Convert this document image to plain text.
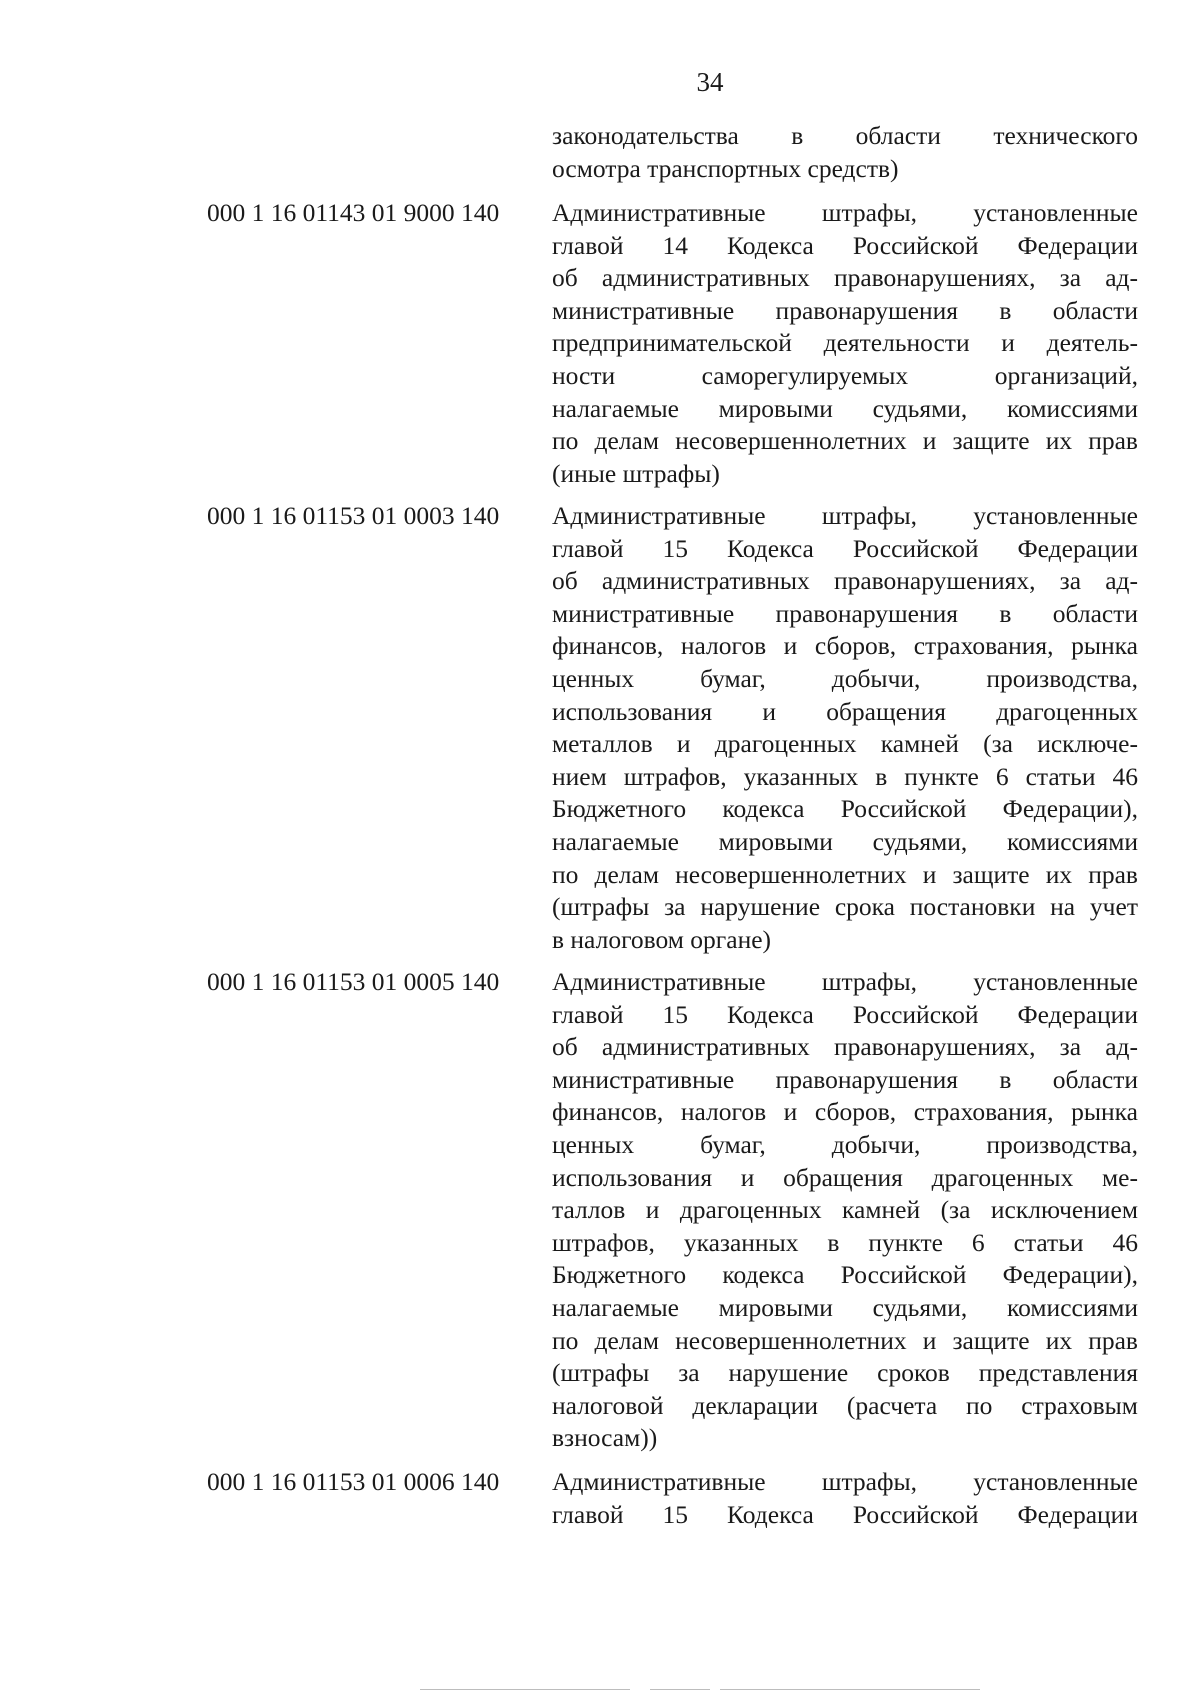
34
законодательства в области технического
осмотра транспортных средств)
000 1 16 01143 01 9000 140 Административные штрафы, установленные
главой 14 Кодекса Российской Федерации
об административных правонарушениях, за ад-
министративные правонарушения в области
предпринимательской деятельности и деятель-
ности	саморегулируемых	организаций,
налагаемые мировыми судьями, комиссиями
по делам несовершеннолетних и защите их прав
(иные штрафы)
000 1 16 01153 01 0003 140 Административные штрафы, установленные
главой 15 Кодекса Российской Федерации
об административных правонарушениях, за ад-
министративные правонарушения в области
финансов, налогов и сборов, страхования, рынка
ценных	бумаг,	добычи,	производства,
использования и обращения драгоценных
металлов и драгоценных камней (за исключе-
нием штрафов, указанных в пункте 6 статьи 46
Бюджетного кодекса Российской Федерации),
налагаемые мировыми судьями, комиссиями
по делам несовершеннолетних и защите их прав
(штрафы за нарушение срока постановки на учет
в налоговом органе)
000 1 16 01153 01 0005 140 Административные штрафы, установленные
главой 15 Кодекса Российской Федерации
об административных правонарушениях, за ад-
министративные правонарушения в области
финансов, налогов и сборов, страхования, рынка
ценных	бумаг,	добычи,	производства,
использования и обращения драгоценных ме-
таллов и драгоценных камней (за исключением
штрафов, указанных в пункте 6 статьи 46
Бюджетного кодекса Российской Федерации),
налагаемые мировыми судьями, комиссиями
по делам несовершеннолетних и защите их прав
(штрафы за нарушение сроков представления
налоговой декларации (расчета по страховым
взносам))
000 1 16 01153 01 0006 140 Административные штрафы, установленные
главой 15 Кодекса Российской Федерации
